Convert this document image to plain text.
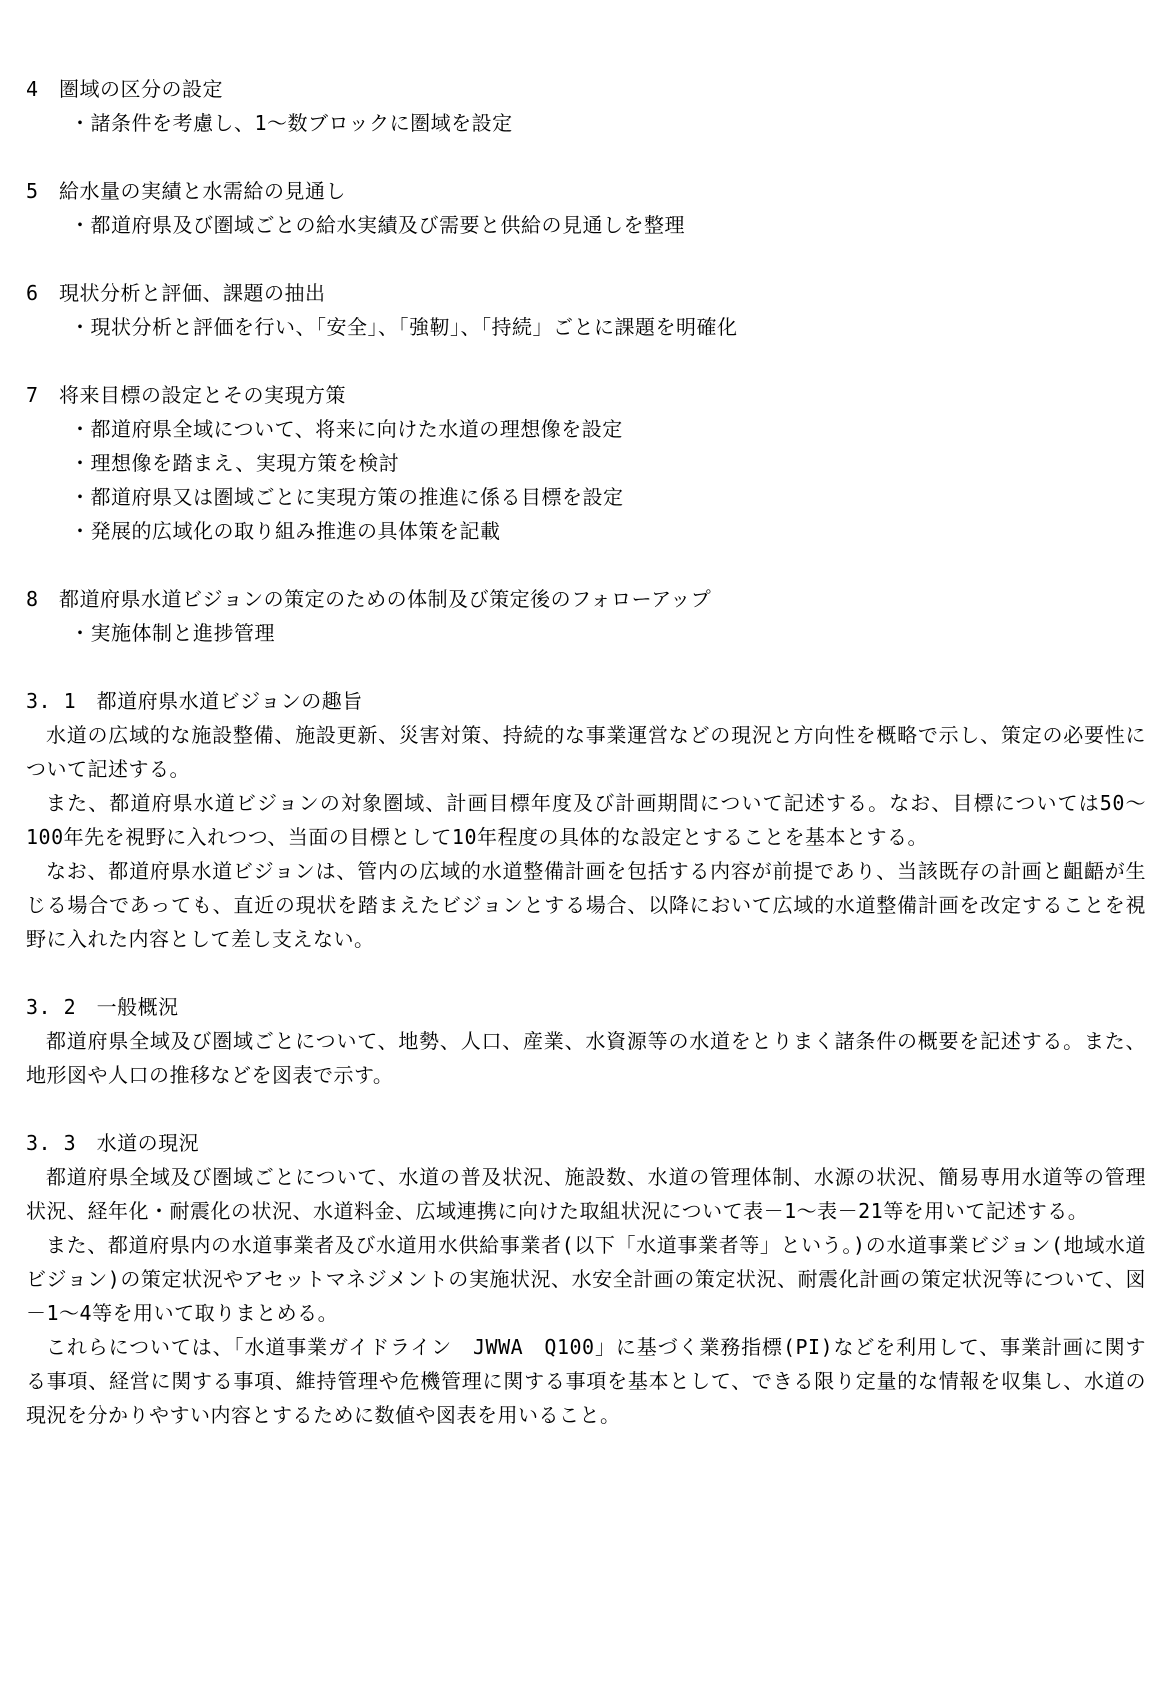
4　圏域の区分の設定
・諸条件を考慮し、1～数ブロックに圏域を設定
5　給水量の実績と水需給の見通し
・都道府県及び圏域ごとの給水実績及び需要と供給の見通しを整理
6　現状分析と評価、課題の抽出
・現状分析と評価を行い、「安全」、「強靭」、「持続」ごとに課題を明確化
7　将来目標の設定とその実現方策
・都道府県全域について、将来に向けた水道の理想像を設定
・理想像を踏まえ、実現方策を検討
・都道府県又は圏域ごとに実現方策の推進に係る目標を設定
・発展的広域化の取り組み推進の具体策を記載
8　都道府県水道ビジョンの策定のための体制及び策定後のフォローアップ
・実施体制と進捗管理
3. 1　都道府県水道ビジョンの趣旨
水道の広域的な施設整備、施設更新、災害対策、持続的な事業運営などの現況と方向性を概略で示し、策定の必要性について記述する。
また、都道府県水道ビジョンの対象圏域、計画目標年度及び計画期間について記述する。なお、目標については50～100年先を視野に入れつつ、当面の目標として10年程度の具体的な設定とすることを基本とする。
なお、都道府県水道ビジョンは、管内の広域的水道整備計画を包括する内容が前提であり、当該既存の計画と齟齬が生じる場合であっても、直近の現状を踏まえたビジョンとする場合、以降において広域的水道整備計画を改定することを視野に入れた内容として差し支えない。
3. 2　一般概況
都道府県全域及び圏域ごとについて、地勢、人口、産業、水資源等の水道をとりまく諸条件の概要を記述する。また、地形図や人口の推移などを図表で示す。
3. 3　水道の現況
都道府県全域及び圏域ごとについて、水道の普及状況、施設数、水道の管理体制、水源の状況、簡易専用水道等の管理状況、経年化・耐震化の状況、水道料金、広域連携に向けた取組状況について表－1～表－21等を用いて記述する。
また、都道府県内の水道事業者及び水道用水供給事業者(以下「水道事業者等」という。)の水道事業ビジョン(地域水道ビジョン)の策定状況やアセットマネジメントの実施状況、水安全計画の策定状況、耐震化計画の策定状況等について、図－1～4等を用いて取りまとめる。
これらについては、「水道事業ガイドライン　JWWA　Q100」に基づく業務指標(PI)などを利用して、事業計画に関する事項、経営に関する事項、維持管理や危機管理に関する事項を基本として、できる限り定量的な情報を収集し、水道の現況を分かりやすい内容とするために数値や図表を用いること。
